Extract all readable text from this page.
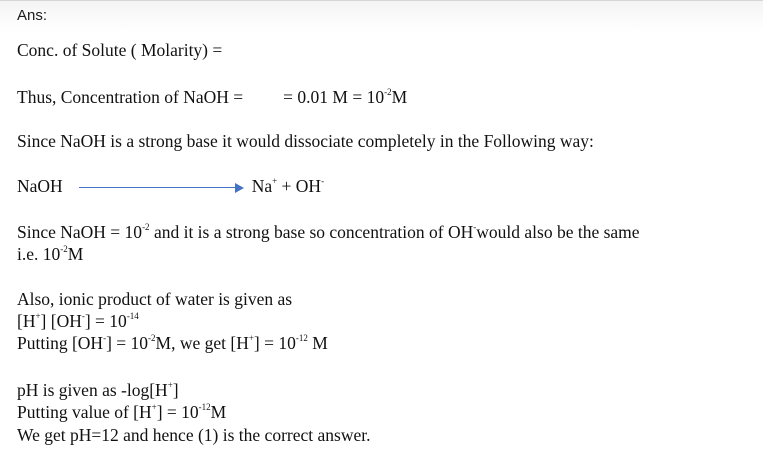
Ans:
Conc. of Solute ( Molarity) =
Thus, Concentration of NaOH = = 0.01 $M = 10^{-2}M$
Since NaOH is a strong base it would dissociate completely in the Following way:
NaOH	Na+ + OH-
Since NaOH = $10^{-2}$ and it is a strong base so concentration of OH-would also be the same
i.e. $10^{-2}M$
Also, ionic product of water is given as
[H+] $[OH^-] = 10^{-14}$
Putting $[OH^-] = 10^{-2}M$, we get $[H^+] = 10^{-12}$ M
pH is given as -log[H+]
Putting value of $[H^+] = 10^{-12}M$
We get pH=12 and hence (1) is the correct answer.
